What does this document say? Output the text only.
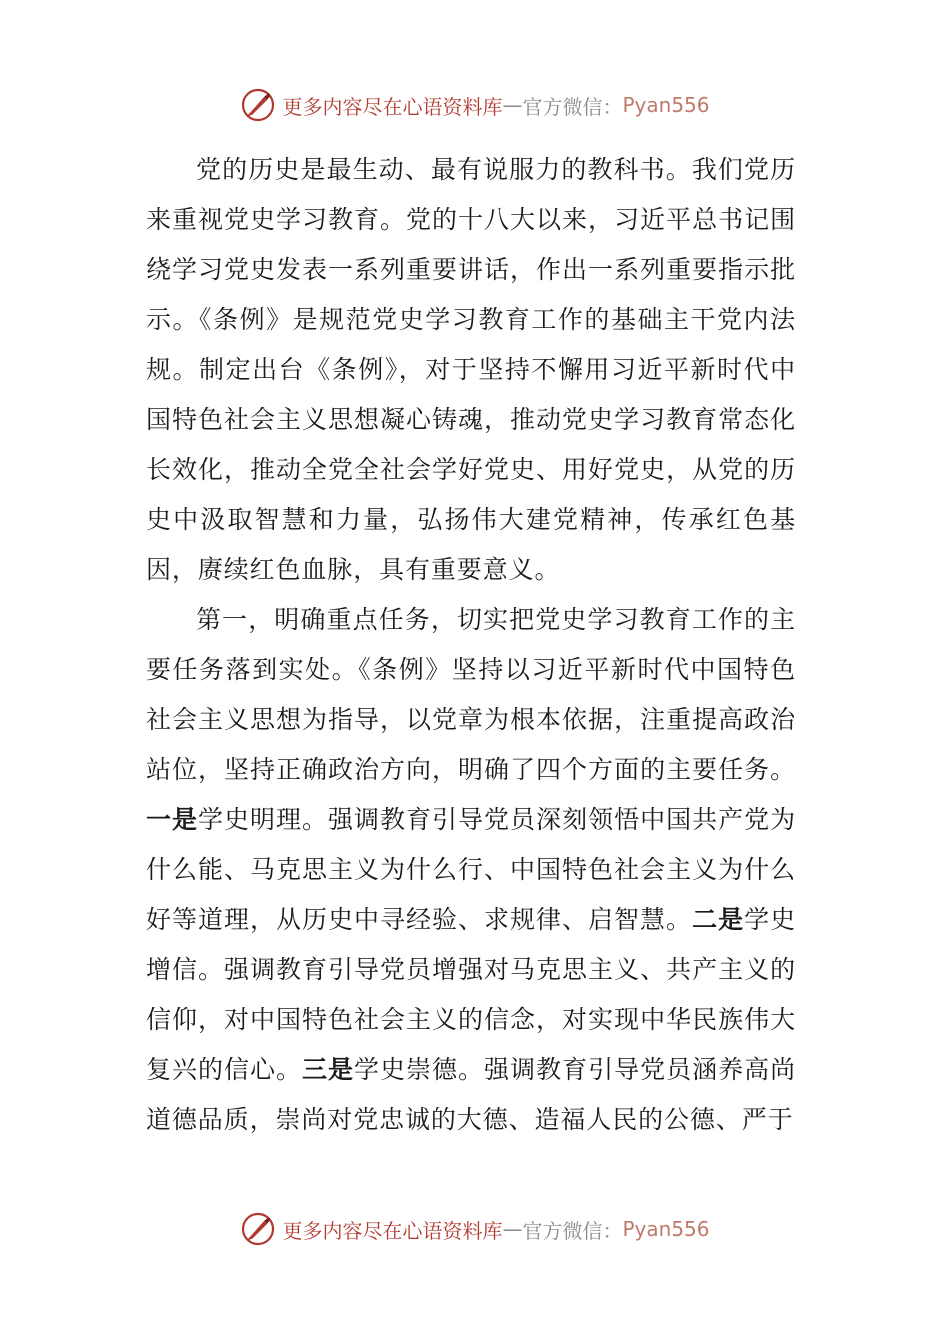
更多内容尽在心语资料库 — 官方微信： Pyan556

党的历史是最生动、最有说服力的教科书。我们党历来重视党史学习教育。党的十八大以来，习近平总书记围绕学习党史发表一系列重要讲话，作出一系列重要指示批示。《条例》是规范党史学习教育工作的基础主干党内法规。制定出台《条例》，对于坚持不懈用习近平新时代中国特色社会主义思想凝心铸魂，推动党史学习教育常态化长效化，推动全党全社会学好党史、用好党史，从党的历史中汲取智慧和力量，弘扬伟大建党精神，传承红色基因，赓续红色血脉，具有重要意义。

第一，明确重点任务，切实把党史学习教育工作的主要任务落到实处。《条例》坚持以习近平新时代中国特色社会主义思想为指导，以党章为根本依据，注重提高政治站位，坚持正确政治方向，明确了四个方面的主要任务。一是学史明理。强调教育引导党员深刻领悟中国共产党为什么能、马克思主义为什么行、中国特色社会主义为什么好等道理，从历史中寻经验、求规律、启智慧。二是学史增信。强调教育引导党员增强对马克思主义、共产主义的信仰，对中国特色社会主义的信念，对实现中华民族伟大复兴的信心。三是学史崇德。强调教育引导党员涵养高尚道德品质，崇尚对党忠诚的大德、造福人民的公德、严于

更多内容尽在心语资料库 — 官方微信： Pyan556
